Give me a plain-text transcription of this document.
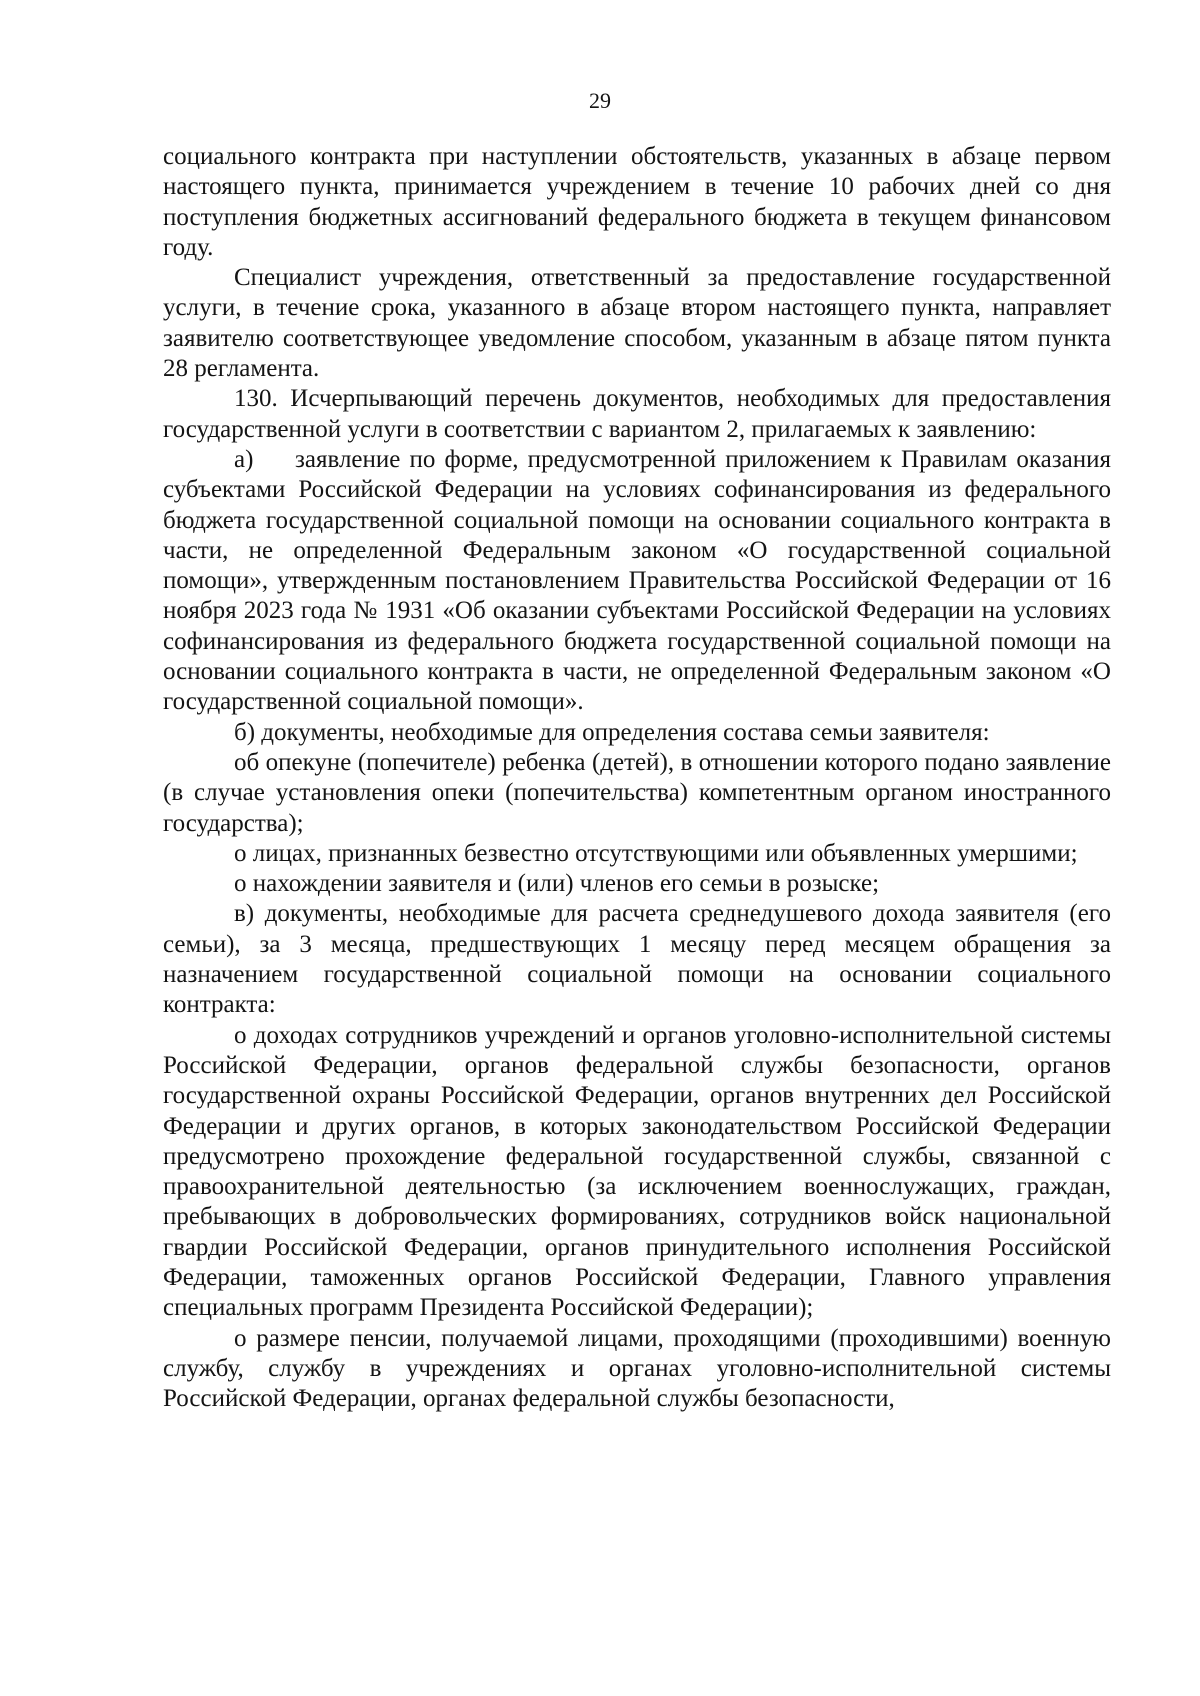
29

социального контракта при наступлении обстоятельств, указанных в абзаце первом настоящего пункта, принимается учреждением в течение 10 рабочих дней со дня поступления бюджетных ассигнований федерального бюджета в текущем финансовом году.

Специалист учреждения, ответственный за предоставление государственной услуги, в течение срока, указанного в абзаце втором настоящего пункта, направляет заявителю соответствующее уведомление способом, указанным в абзаце пятом пункта 28 регламента.

130. Исчерпывающий перечень документов, необходимых для предоставления государственной услуги в соответствии с вариантом 2, прилагаемых к заявлению:

а) заявление по форме, предусмотренной приложением к Правилам оказания субъектами Российской Федерации на условиях софинансирования из федерального бюджета государственной социальной помощи на основании социального контракта в части, не определенной Федеральным законом «О государственной социальной помощи», утвержденным постановлением Правительства Российской Федерации от 16 ноября 2023 года № 1931 «Об оказании субъектами Российской Федерации на условиях софинансирования из федерального бюджета государственной социальной помощи на основании социального контракта в части, не определенной Федеральным законом «О государственной социальной помощи».

б) документы, необходимые для определения состава семьи заявителя:

об опекуне (попечителе) ребенка (детей), в отношении которого подано заявление (в случае установления опеки (попечительства) компетентным органом иностранного государства);

о лицах, признанных безвестно отсутствующими или объявленных умершими;

о нахождении заявителя и (или) членов его семьи в розыске;

в) документы, необходимые для расчета среднедушевого дохода заявителя (его семьи), за 3 месяца, предшествующих 1 месяцу перед месяцем обращения за назначением государственной социальной помощи на основании социального контракта:

о доходах сотрудников учреждений и органов уголовно-исполнительной системы Российской Федерации, органов федеральной службы безопасности, органов государственной охраны Российской Федерации, органов внутренних дел Российской Федерации и других органов, в которых законодательством Российской Федерации предусмотрено прохождение федеральной государственной службы, связанной с правоохранительной деятельностью (за исключением военнослужащих, граждан, пребывающих в добровольческих формированиях, сотрудников войск национальной гвардии Российской Федерации, органов принудительного исполнения Российской Федерации, таможенных органов Российской Федерации, Главного управления специальных программ Президента Российской Федерации);

о размере пенсии, получаемой лицами, проходящими (проходившими) военную службу, службу в учреждениях и органах уголовно-исполнительной системы Российской Федерации, органах федеральной службы безопасности,
